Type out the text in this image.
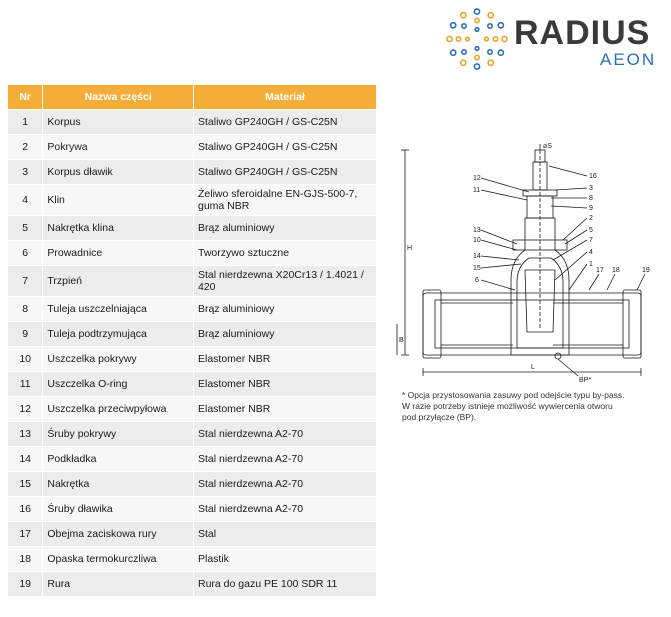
RADIUS
AEON
Nr	Nazwa części	Materiał
1	Korpus	Staliwo GP240GH / GS-C25N
2	Pokrywa	Staliwo GP240GH / GS-C25N
3	Korpus dławik	Staliwo GP240GH / GS-C25N
4	Klin	Żeliwo sferoidalne EN-GJS-500-7, guma NBR
5	Nakrętka klina	Brąz aluminiowy
6	Prowadnice	Tworzywo sztuczne
7	Trzpień	Stal nierdzewna X20Cr13 / 1.4021 / 420
8	Tuleja uszczelniająca	Brąz aluminiowy
9	Tuleja podtrzymująca	Brąz aluminiowy
10	Uszczelka pokrywy	Elastomer NBR
11	Uszczelka O-ring	Elastomer NBR
12	Uszczelka przeciwpyłowa	Elastomer NBR
13	Śruby pokrywy	Stal nierdzewna A2-70
14	Podkładka	Stal nierdzewna A2-70
15	Nakrętka	Stal nierdzewna A2-70
16	Śruby dławika	Stal nierdzewna A2-70
17	Obejma zaciskowa rury	Stal
18	Opaska termokurczliwa	Plastik
19	Rura	Rura do gazu PE 100 SDR 11
12
11
13
10
14
15
6
16
3
8
9
2
5
7
4
1
17 18	19
⌀S
H
B
L
BP*
* Opcja przystosowania zasuwy pod odejście typu by-pass.
W razie potrzeby istnieje możliwość wywiercenia otworu
pod przyłącze (BP).
